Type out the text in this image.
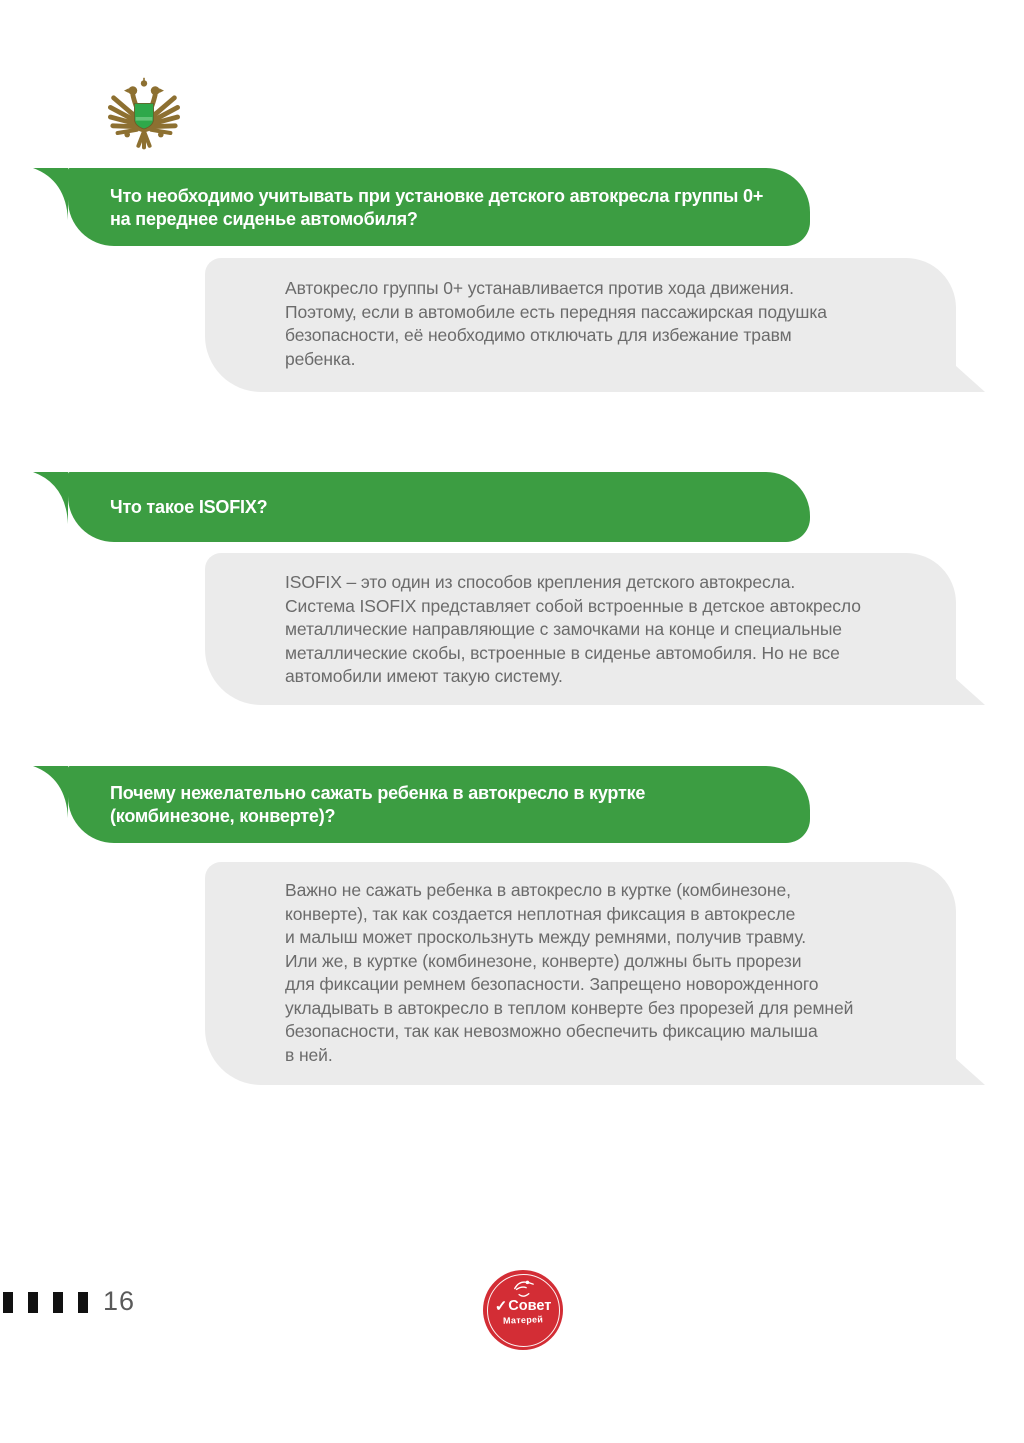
Что необходимо учитывать при установке детского автокресла группы 0+
на переднее сиденье автомобиля?
Автокресло группы 0+ устанавливается против хода движения.
Поэтому, если в автомобиле есть передняя пассажирская подушка
безопасности, её необходимо отключать для избежание травм
ребенка.
Что такое ISOFIX?
ISOFIX – это один из способов крепления детского автокресла.
Система ISOFIX представляет собой встроенные в детское автокресло
металлические направляющие с замочками на конце и специальные
металлические скобы, встроенные в сиденье автомобиля. Но не все
автомобили имеют такую систему.
Почему нежелательно сажать ребенка в автокресло в куртке
(комбинезоне, конверте)?
Важно не сажать ребенка в автокресло в куртке (комбинезоне,
конверте), так как создается неплотная фиксация в автокресле
и малыш может проскользнуть между ремнями, получив травму.
Или же, в куртке (комбинезоне, конверте) должны быть прорези
для фиксации ремнем безопасности. Запрещено новорожденного
укладывать в автокресло в теплом конверте без прорезей для ремней
безопасности, так как невозможно обеспечить фиксацию малыша
в ней.
16	✓ Совет
Матерей
